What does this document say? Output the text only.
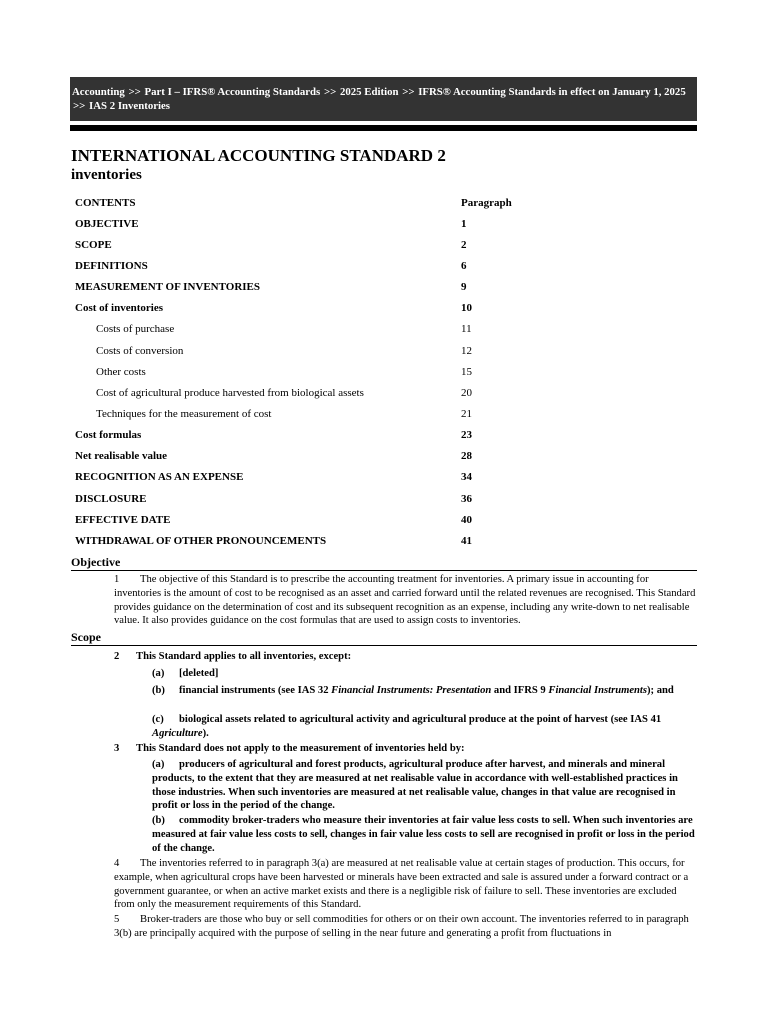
Accounting >> Part I – IFRS® Accounting Standards >> 2025 Edition >> IFRS® Accounting Standards in effect on January 1, 2025 >> IAS 2 Inventories
INTERNATIONAL ACCOUNTING STANDARD 2
inventories
CONTENTS	Paragraph
OBJECTIVE	1
SCOPE	2
DEFINITIONS	6
MEASUREMENT OF INVENTORIES	9
Cost of inventories	10
Costs of purchase	11
Costs of conversion	12
Other costs	15
Cost of agricultural produce harvested from biological assets	20
Techniques for the measurement of cost	21
Cost formulas	23
Net realisable value	28
RECOGNITION AS AN EXPENSE	34
DISCLOSURE	36
EFFECTIVE DATE	40
WITHDRAWAL OF OTHER PRONOUNCEMENTS	41
Objective
1 The objective of this Standard is to prescribe the accounting treatment for inventories. A primary issue in accounting for inventories is the amount of cost to be recognised as an asset and carried forward until the related revenues are recognised. This Standard provides guidance on the determination of cost and its subsequent recognition as an expense, including any write-down to net realisable value. It also provides guidance on the cost formulas that are used to assign costs to inventories.
Scope
2 This Standard applies to all inventories, except:
(a) [deleted]
(b) financial instruments (see IAS 32 Financial Instruments: Presentation and IFRS 9 Financial Instruments); and
(c) biological assets related to agricultural activity and agricultural produce at the point of harvest (see IAS 41 Agriculture).
3 This Standard does not apply to the measurement of inventories held by:
(a) producers of agricultural and forest products, agricultural produce after harvest, and minerals and mineral products, to the extent that they are measured at net realisable value in accordance with well-established practices in those industries. When such inventories are measured at net realisable value, changes in that value are recognised in profit or loss in the period of the change.
(b) commodity broker-traders who measure their inventories at fair value less costs to sell. When such inventories are measured at fair value less costs to sell, changes in fair value less costs to sell are recognised in profit or loss in the period of the change.
4 The inventories referred to in paragraph 3(a) are measured at net realisable value at certain stages of production. This occurs, for example, when agricultural crops have been harvested or minerals have been extracted and sale is assured under a forward contract or a government guarantee, or when an active market exists and there is a negligible risk of failure to sell. These inventories are excluded from only the measurement requirements of this Standard.
5 Broker-traders are those who buy or sell commodities for others or on their own account. The inventories referred to in paragraph 3(b) are principally acquired with the purpose of selling in the near future and generating a profit from fluctuations in
